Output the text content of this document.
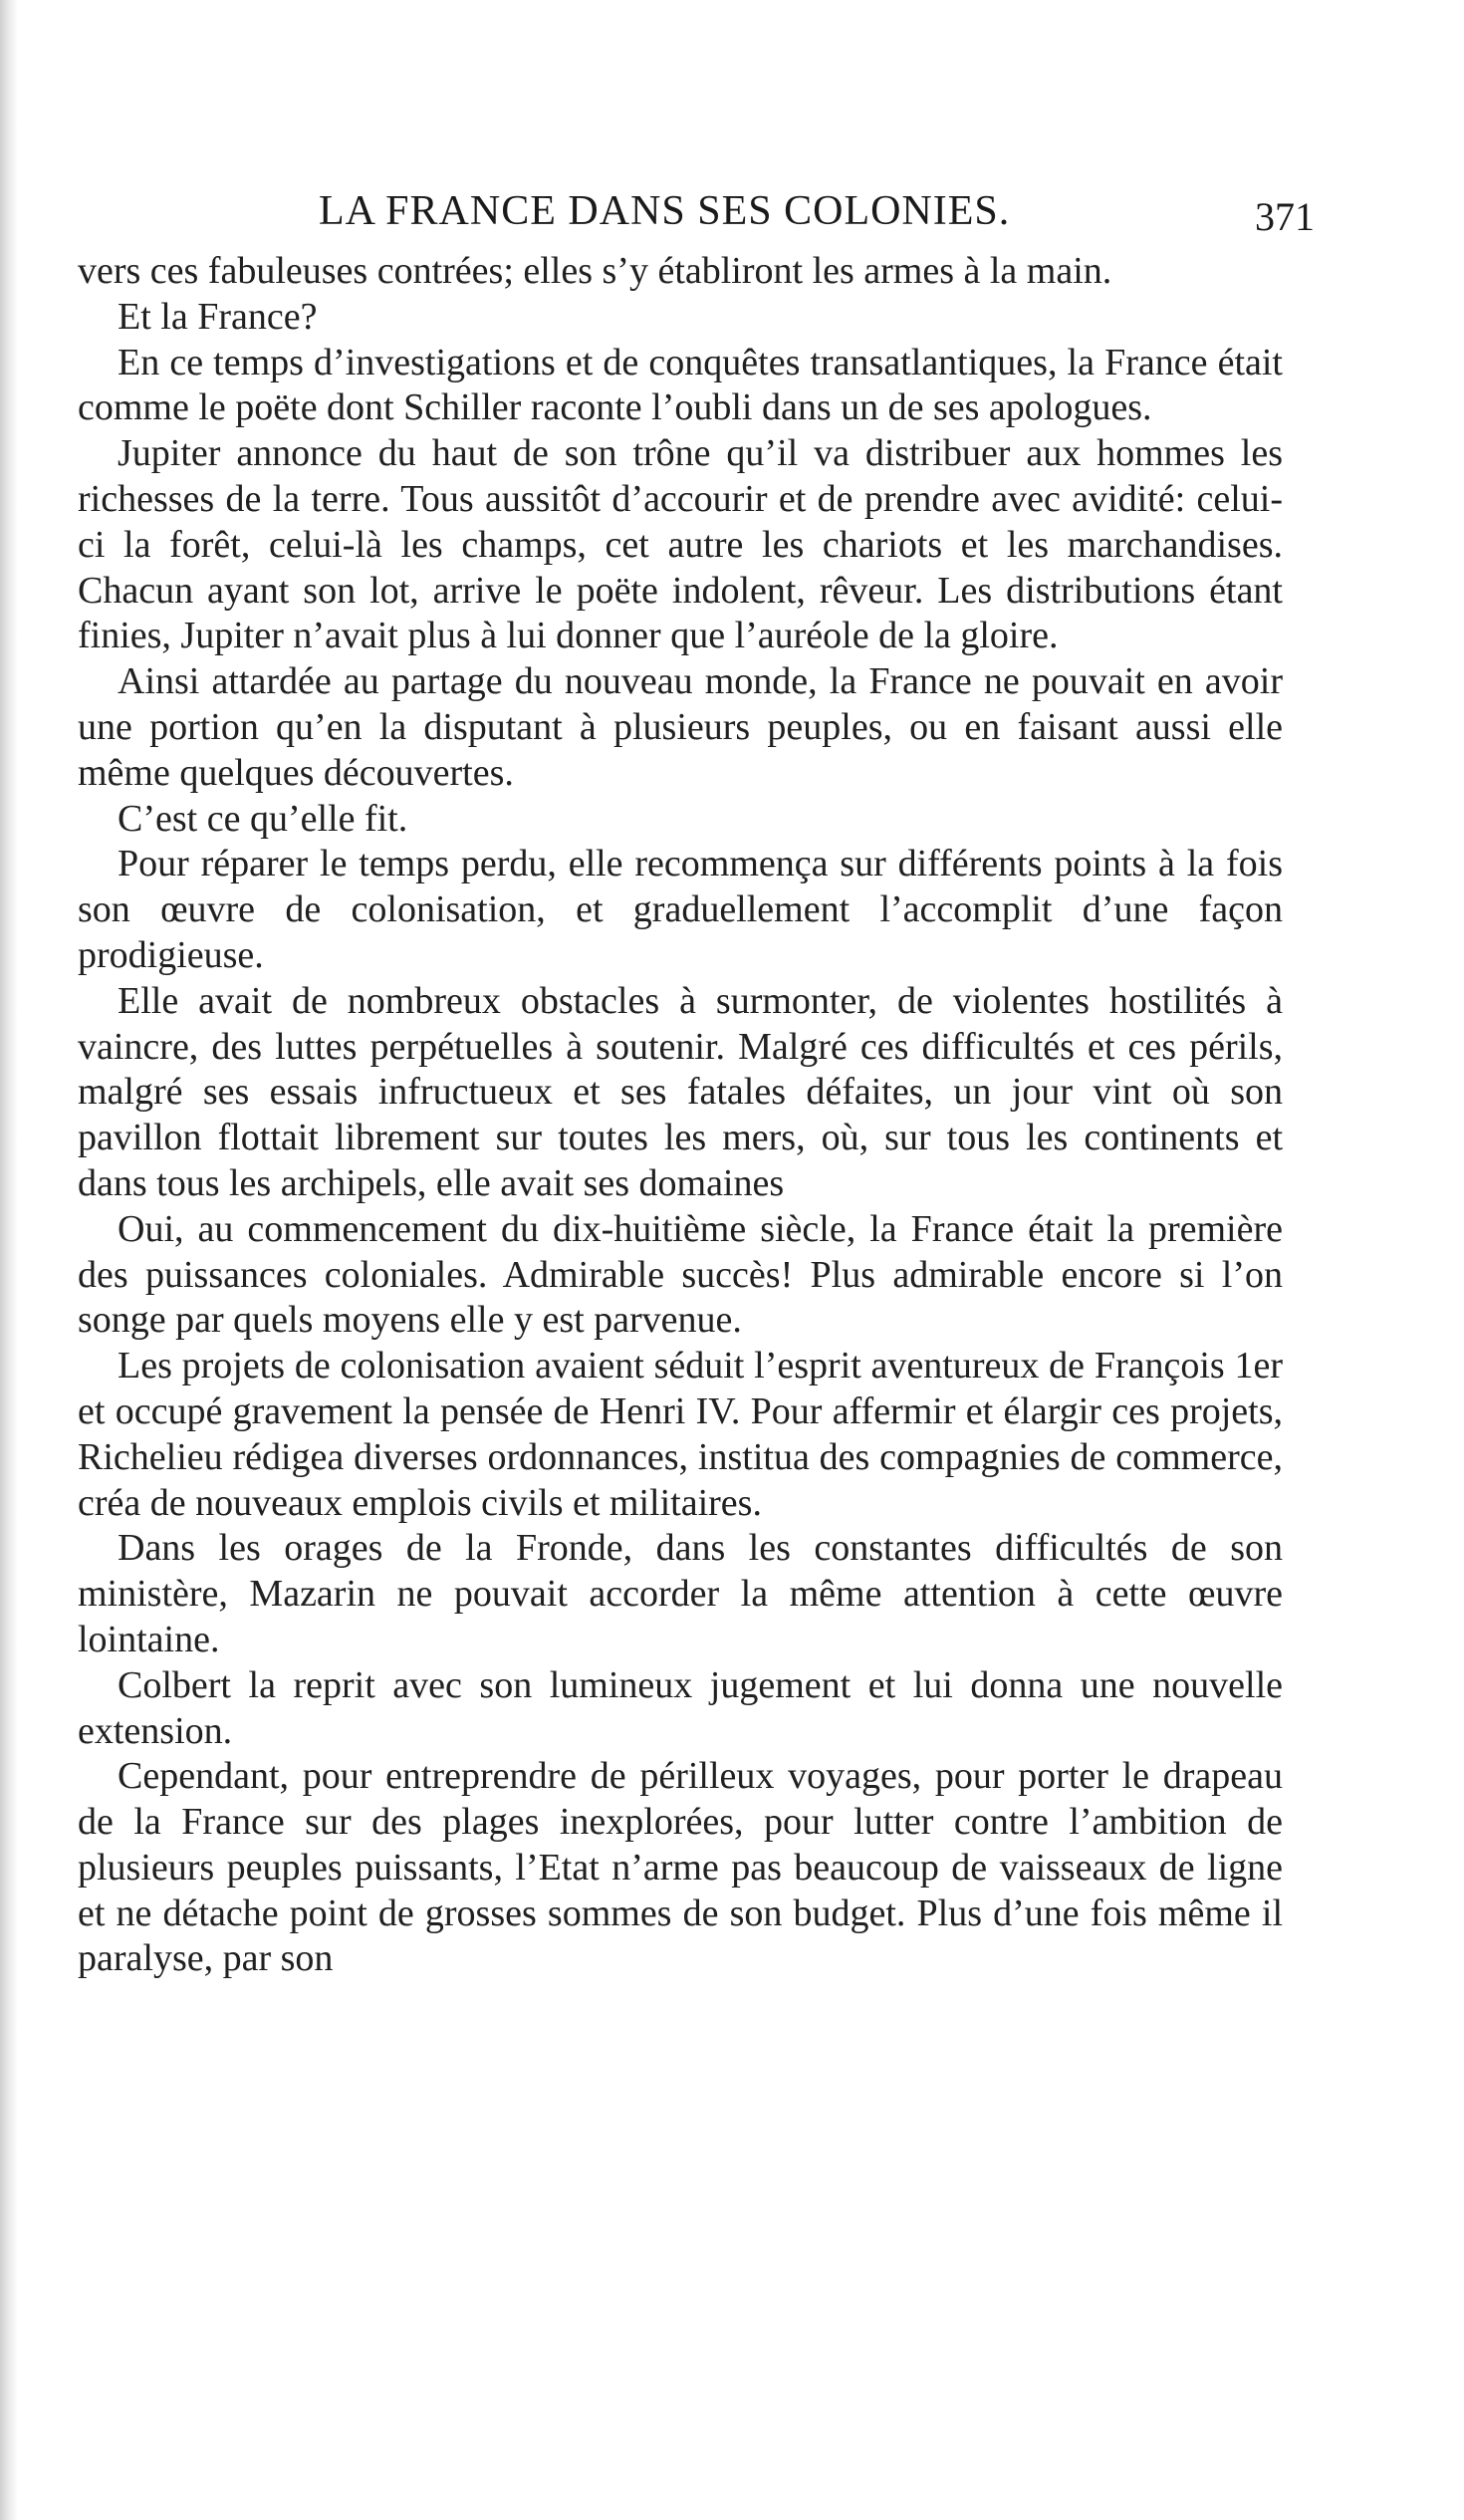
LA FRANCE DANS SES COLONIES.	371

vers ces fabuleuses contrées; elles s’y établiront les armes à la main.

Et la France?

En ce temps d’investigations et de conquêtes transatlantiques, la France était comme le poëte dont Schiller raconte l’oubli dans un de ses apologues.

Jupiter annonce du haut de son trône qu’il va distribuer aux hommes les richesses de la terre. Tous aussitôt d’accourir et de prendre avec avidité: celui-ci la forêt, celui-là les champs, cet autre les chariots et les marchandises. Chacun ayant son lot, arrive le poëte indolent, rêveur. Les distributions étant finies, Jupiter n’avait plus à lui donner que l’auréole de la gloire.

Ainsi attardée au partage du nouveau monde, la France ne pouvait en avoir une portion qu’en la disputant à plusieurs peuples, ou en faisant aussi elle même quelques découvertes.

C’est ce qu’elle fit.

Pour réparer le temps perdu, elle recommença sur différents points à la fois son œuvre de colonisation, et graduellement l’accomplit d’une façon prodigieuse.

Elle avait de nombreux obstacles à surmonter, de violentes hostilités à vaincre, des luttes perpétuelles à soutenir. Malgré ces difficultés et ces périls, malgré ses essais infructueux et ses fatales défaites, un jour vint où son pavillon flottait librement sur toutes les mers, où, sur tous les continents et dans tous les archipels, elle avait ses domaines

Oui, au commencement du dix-huitième siècle, la France était la première des puissances coloniales. Admirable succès! Plus admirable encore si l’on songe par quels moyens elle y est parvenue.

Les projets de colonisation avaient séduit l’esprit aventureux de François 1er et occupé gravement la pensée de Henri IV. Pour affermir et élargir ces projets, Richelieu rédigea diverses ordonnances, institua des compagnies de commerce, créa de nouveaux emplois civils et militaires.

Dans les orages de la Fronde, dans les constantes difficultés de son ministère, Mazarin ne pouvait accorder la même attention à cette œuvre lointaine.

Colbert la reprit avec son lumineux jugement et lui donna une nouvelle extension.

Cependant, pour entreprendre de périlleux voyages, pour porter le drapeau de la France sur des plages inexplorées, pour lutter contre l’ambition de plusieurs peuples puissants, l’Etat n’arme pas beaucoup de vaisseaux de ligne et ne détache point de grosses sommes de son budget. Plus d’une fois même il paralyse, par son
